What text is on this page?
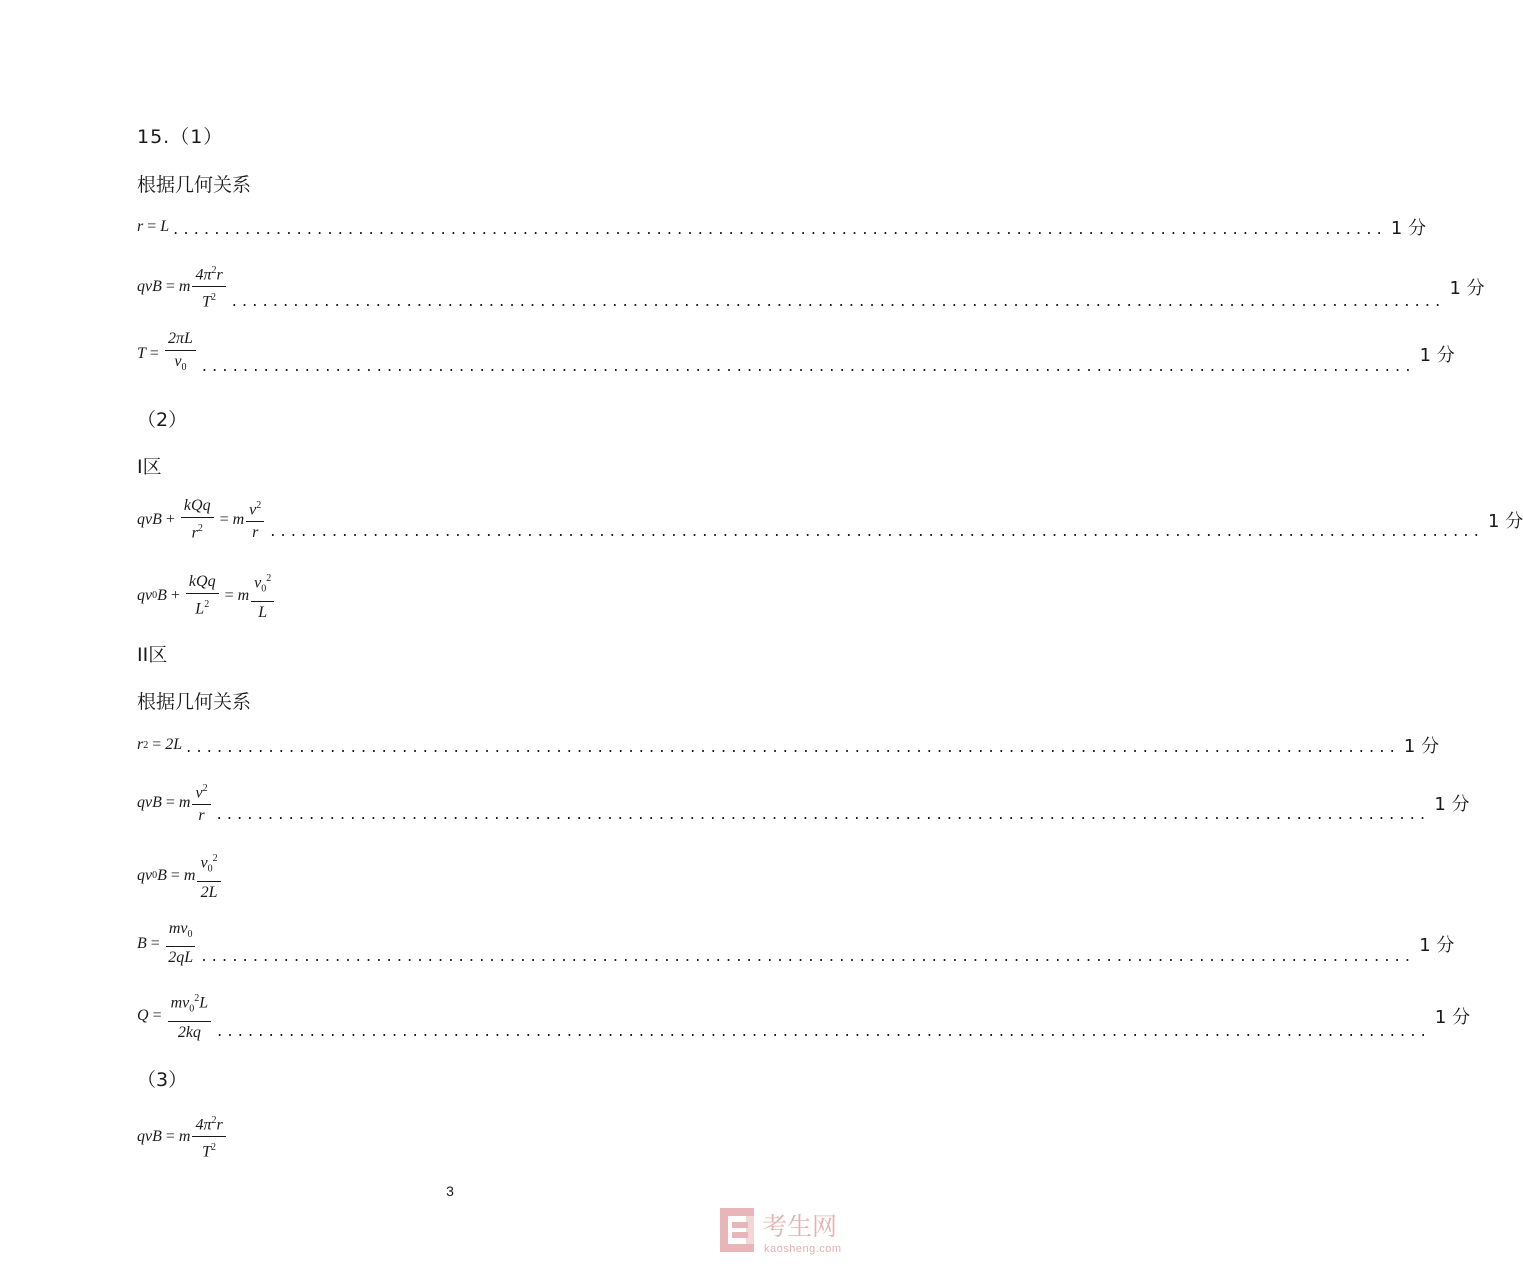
15.（1）
根据几何关系
r = L ...................................................................................................................... 1 分
qvB = m $\frac{4\pi^2r}{T^2}$ ......................................................................................................................
1 分
$T = \frac{2\pi L}{v_0}$ ......................................................................................................................
1 分
（2）
I区
qvB + $\frac{\text{kQq}}{r^2} = m \frac{v^2}{r}$ ...................................................................................................................... 1 分
qv 0 $B + \frac{\text{kQq}}{L^2} = m \frac{v_0^2}{L}$
II区
根据几何关系
r 2 = 2L ...................................................................................................................... 1 分
qvB = m $\frac{v^2}{r}$ ...................................................................................................................... 1 分
qv 0 B = m $\frac{v_0^2}{2L}$
$B = \frac{mv_0}{2qL}$ ......................................................................................................................
1 分
$Q = \frac{mv_0^2L}{2kq}$ ......................................................................................................................
1 分
（3）
qvB = m $\frac{4\pi^2r}{T^2}$
3
考生网
kaosheng.com
